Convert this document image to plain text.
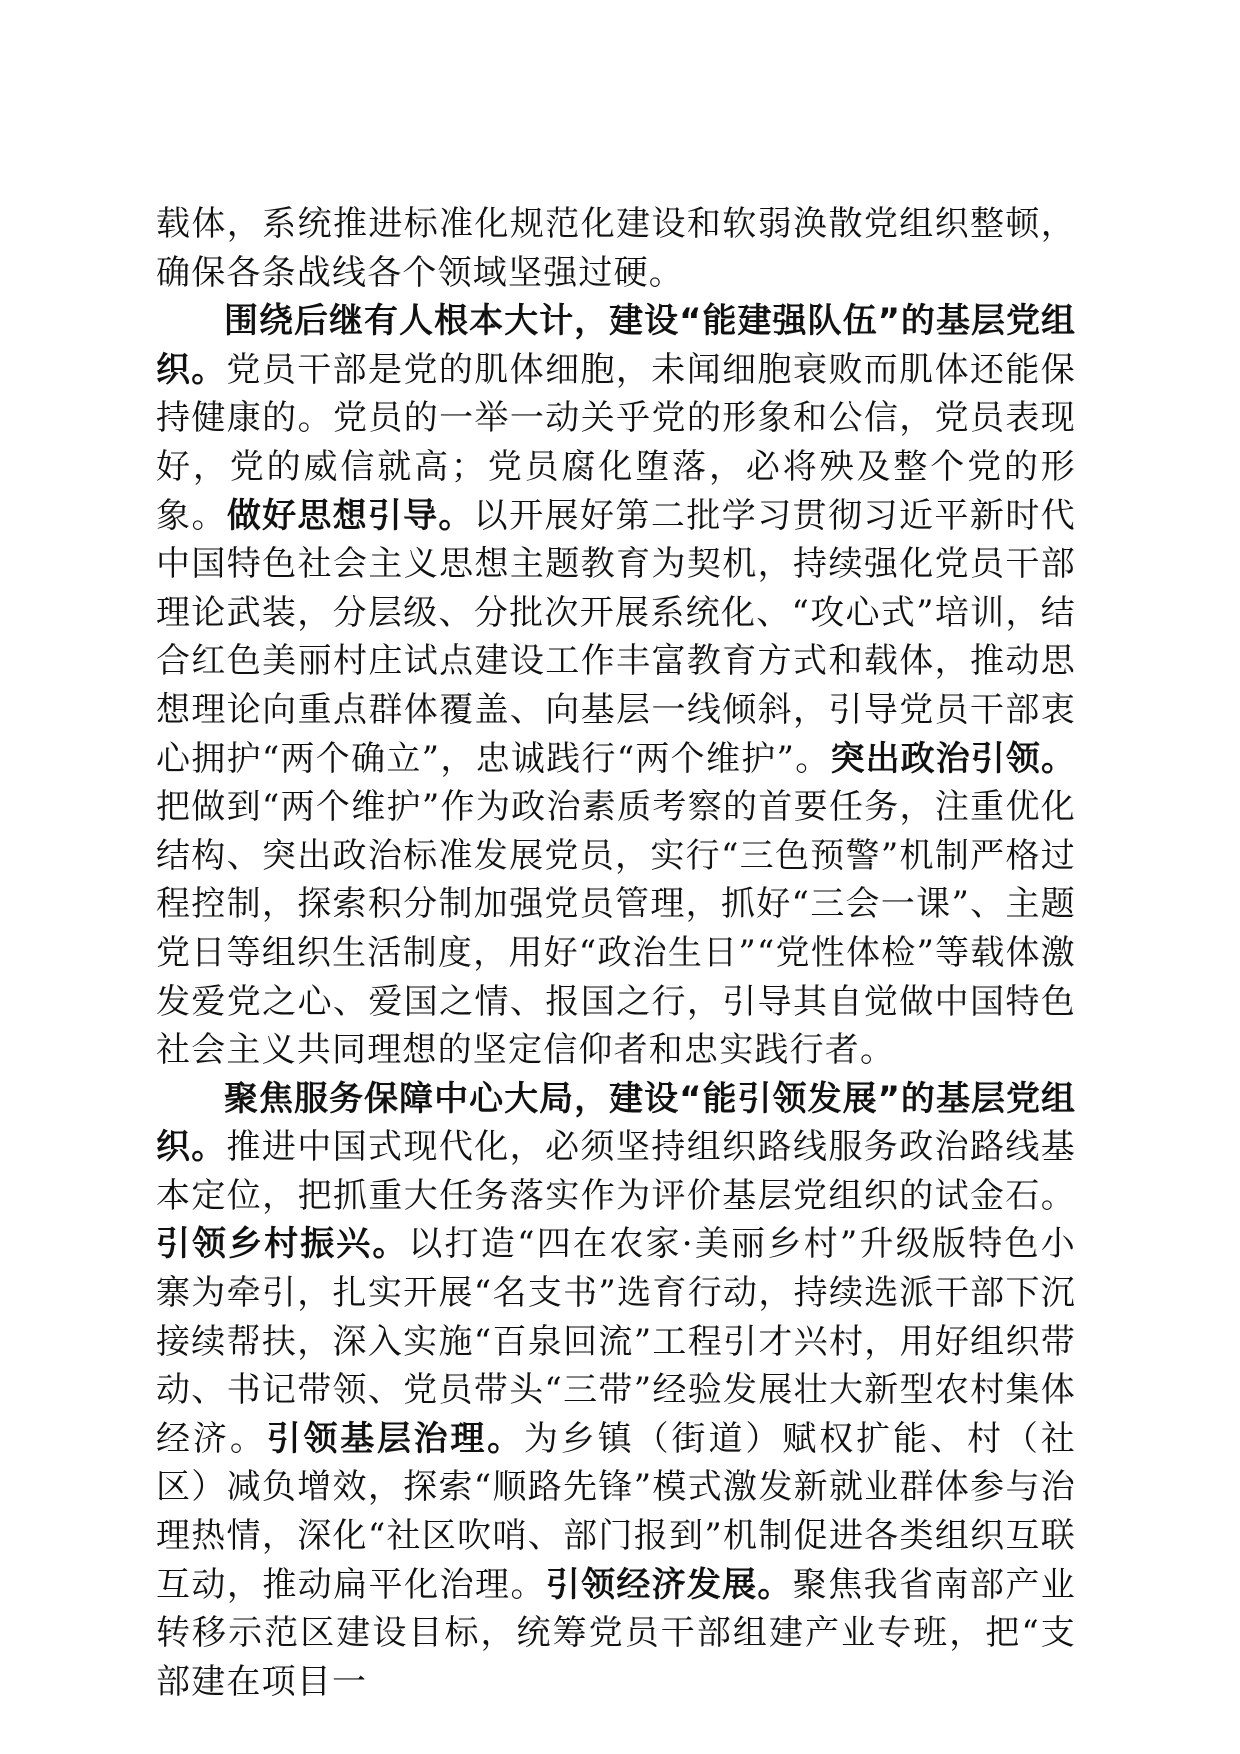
载体，系统推进标准化规范化建设和软弱涣散党组织整顿，确保各条战线各个领域坚强过硬。

围绕后继有人根本大计，建设“能建强队伍”的基层党组织。党员干部是党的肌体细胞，未闻细胞衰败而肌体还能保持健康的。党员的一举一动关乎党的形象和公信，党员表现好，党的威信就高；党员腐化堕落，必将殃及整个党的形象。做好思想引导。以开展好第二批学习贯彻习近平新时代中国特色社会主义思想主题教育为契机，持续强化党员干部理论武装，分层级、分批次开展系统化、“攻心式”培训，结合红色美丽村庄试点建设工作丰富教育方式和载体，推动思想理论向重点群体覆盖、向基层一线倾斜，引导党员干部衷心拥护“两个确立”，忠诚践行“两个维护”。突出政治引领。把做到“两个维护”作为政治素质考察的首要任务，注重优化结构、突出政治标准发展党员，实行“三色预警”机制严格过程控制，探索积分制加强党员管理，抓好“三会一课”、主题党日等组织生活制度，用好“政治生日”“党性体检”等载体激发爱党之心、爱国之情、报国之行，引导其自觉做中国特色社会主义共同理想的坚定信仰者和忠实践行者。

聚焦服务保障中心大局，建设“能引领发展”的基层党组织。推进中国式现代化，必须坚持组织路线服务政治路线基本定位，把抓重大任务落实作为评价基层党组织的试金石。引领乡村振兴。以打造“四在农家·美丽乡村”升级版特色小寨为牵引，扎实开展“名支书”选育行动，持续选派干部下沉接续帮扶，深入实施“百泉回流”工程引才兴村，用好组织带动、书记带领、党员带头“三带”经验发展壮大新型农村集体经济。引领基层治理。为乡镇（街道）赋权扩能、村（社区）减负增效，探索“顺路先锋”模式激发新就业群体参与治理热情，深化“社区吹哨、部门报到”机制促进各类组织互联互动，推动扁平化治理。引领经济发展。聚焦我省南部产业转移示范区建设目标，统筹党员干部组建产业专班，把“支部建在项目一
